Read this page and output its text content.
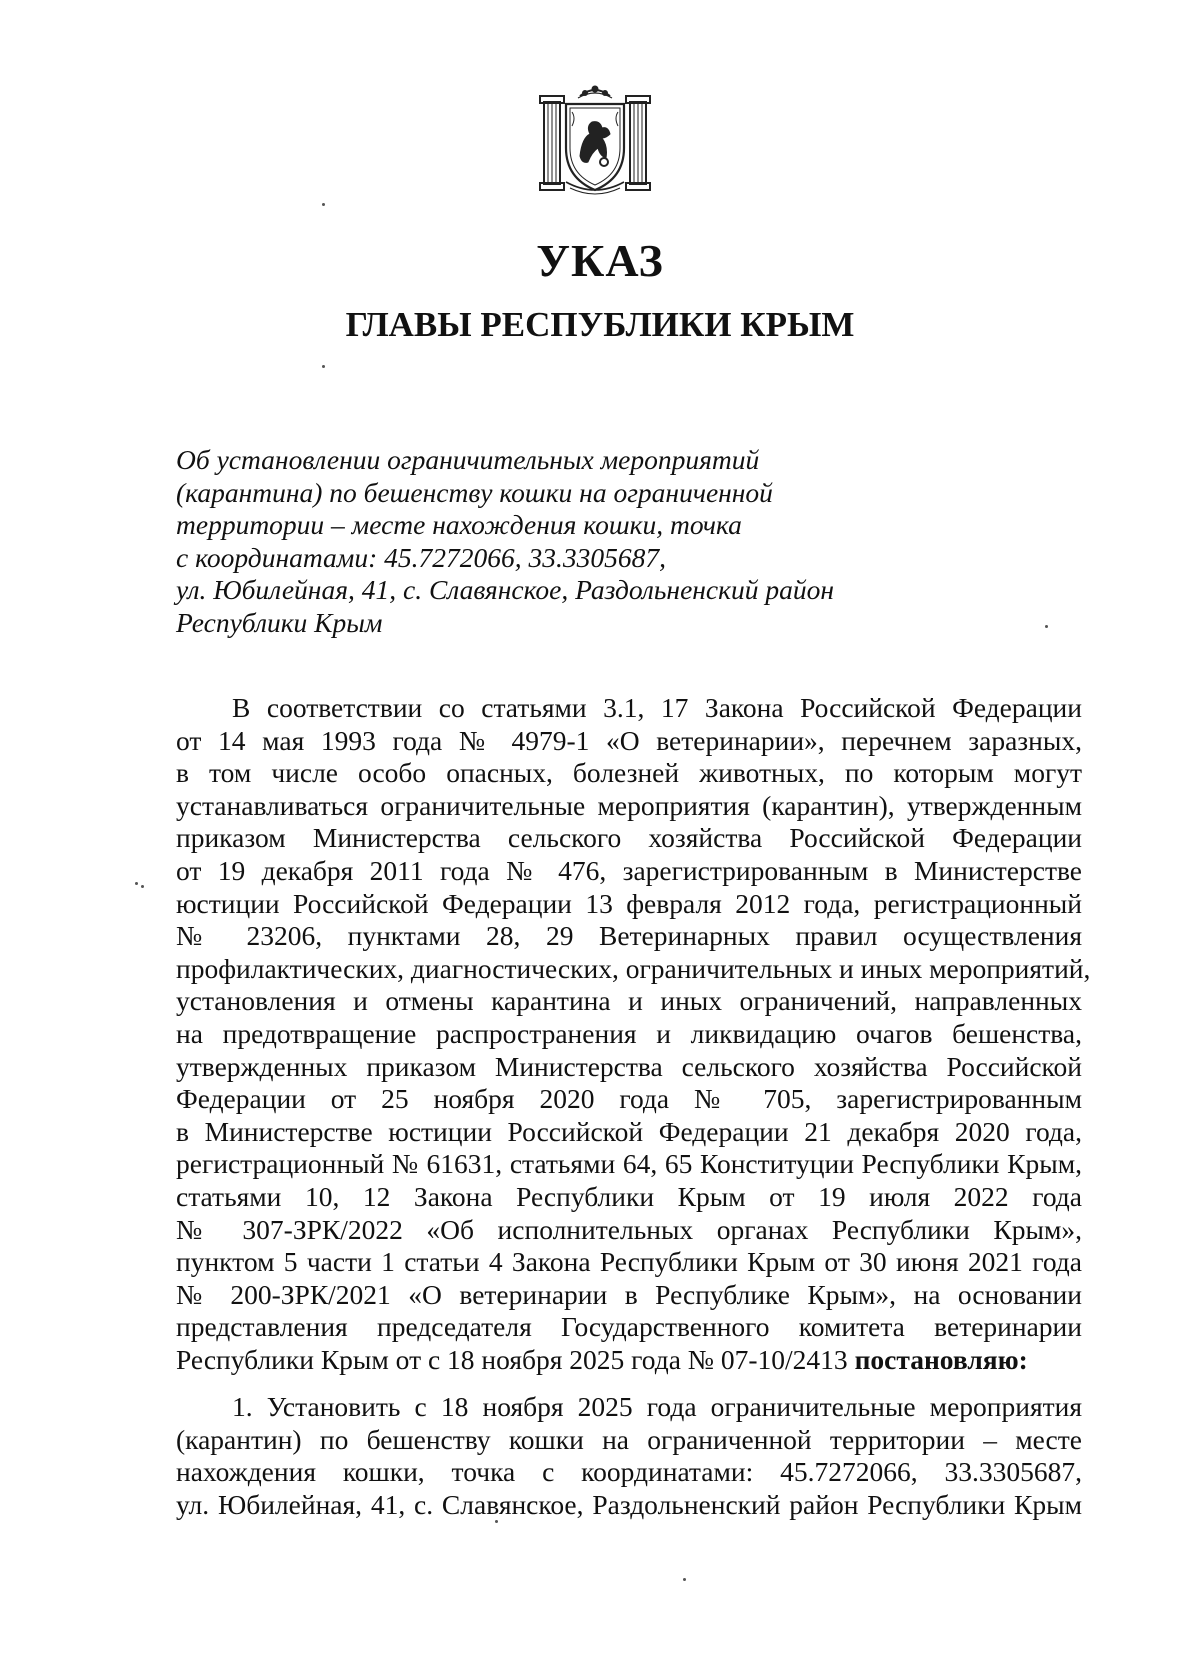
УКАЗ
ГЛАВЫ РЕСПУБЛИКИ КРЫМ
Об установлении ограничительных мероприятий
(карантина) по бешенству кошки на ограниченной
территории – месте нахождения кошки, точка
с координатами: 45.7272066, 33.3305687,
ул. Юбилейная, 41, с. Славянское, Раздольненский район
Республики Крым
В соответствии со статьями 3.1, 17 Закона Российской Федерации
от 14 мая 1993 года № 4979-1 «О ветеринарии», перечнем заразных,
в том числе особо опасных, болезней животных, по которым могут
устанавливаться ограничительные мероприятия (карантин), утвержденным
приказом Министерства сельского хозяйства Российской Федерации
от 19 декабря 2011 года № 476, зарегистрированным в Министерстве
юстиции Российской Федерации 13 февраля 2012 года, регистрационный
№ 23206, пунктами 28, 29 Ветеринарных правил осуществления
профилактических, диагностических, ограничительных и иных мероприятий,
установления и отмены карантина и иных ограничений, направленных
на предотвращение распространения и ликвидацию очагов бешенства,
утвержденных приказом Министерства сельского хозяйства Российской
Федерации от 25 ноября 2020 года № 705, зарегистрированным
в Министерстве юстиции Российской Федерации 21 декабря 2020 года,
регистрационный № 61631, статьями 64, 65 Конституции Республики Крым,
статьями 10, 12 Закона Республики Крым от 19 июля 2022 года
№ 307-ЗРК/2022 «Об исполнительных органах Республики Крым»,
пунктом 5 части 1 статьи 4 Закона Республики Крым от 30 июня 2021 года
№ 200-ЗРК/2021 «О ветеринарии в Республике Крым», на основании
представления председателя Государственного комитета ветеринарии
Республики Крым от с 18 ноября 2025 года № 07-10/2413 постановляю:
1. Установить с 18 ноября 2025 года ограничительные мероприятия
(карантин) по бешенству кошки на ограниченной территории – месте
нахождения кошки, точка с координатами: 45.7272066, 33.3305687,
ул. Юбилейная, 41, с. Славянское, Раздольненский район Республики Крым
